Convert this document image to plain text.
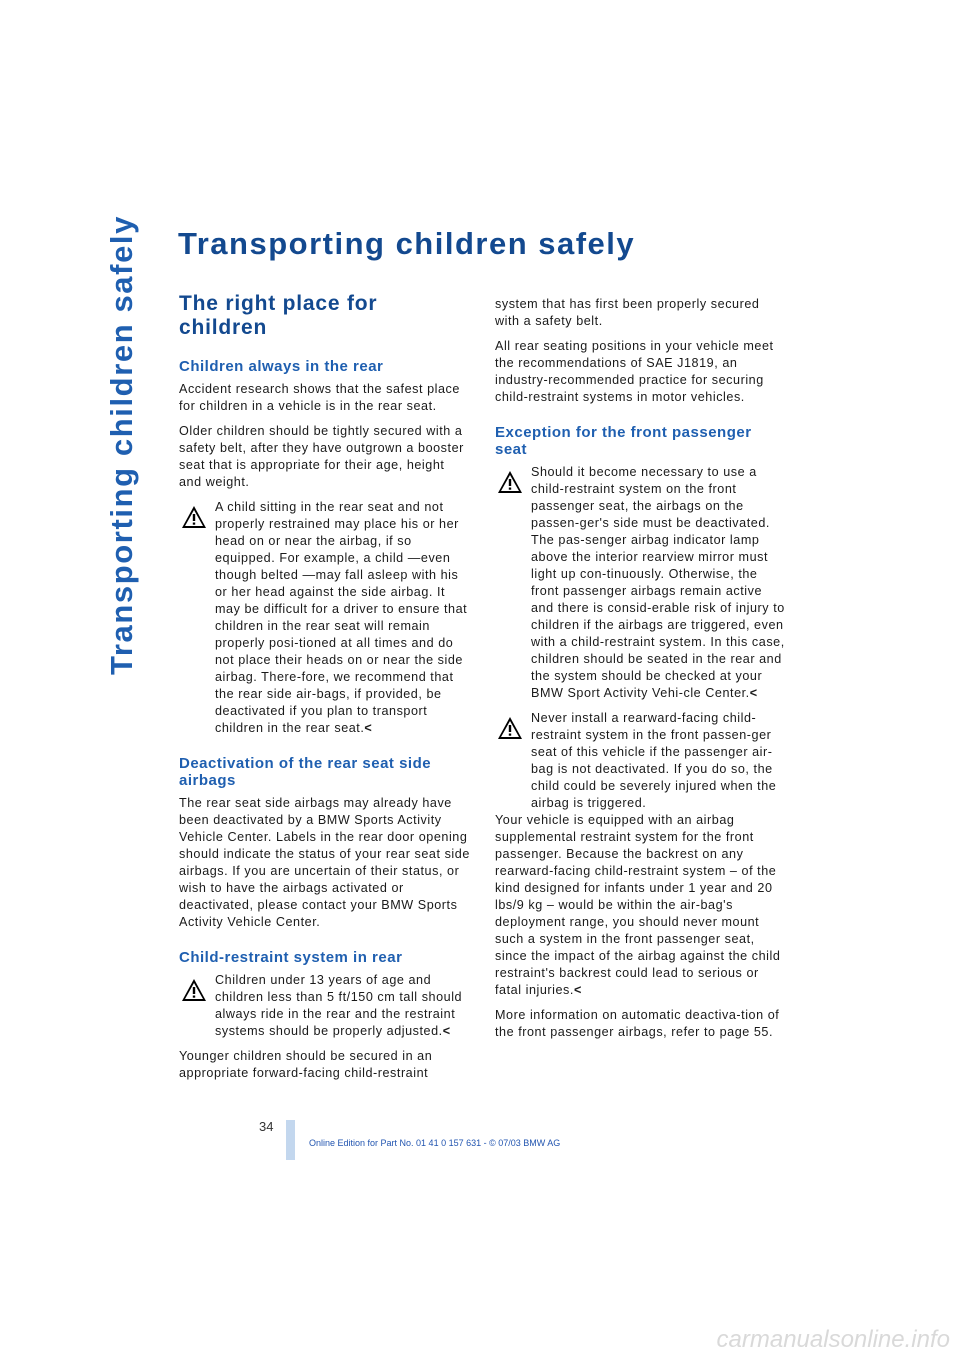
Transporting children safely Transporting children safely
The right place for children
Children always in the rear

Accident research shows that the safest place for children in a vehicle is in the rear seat.

Older children should be tightly secured with a safety belt, after they have outgrown a booster seat that is appropriate for their age, height and weight.

A child sitting in the rear seat and not properly restrained may place his or her head on or near the airbag, if so equipped. For example, a child —even though belted —may fall asleep with his or her head against the side airbag. It may be difficult for a driver to ensure that children in the rear seat will remain properly posi-tioned at all times and do not place their heads on or near the side airbag. There-fore, we recommend that the rear side air-bags, if provided, be deactivated if you plan to transport children in the rear seat.<

Deactivation of the rear seat side airbags

The rear seat side airbags may already have been deactivated by a BMW Sports Activity Vehicle Center. Labels in the rear door opening should indicate the status of your rear seat side airbags. If you are uncertain of their status, or wish to have the airbags activated or deactivated, please contact your BMW Sports Activity Vehicle Center.

Child-restraint system in rear

Children under 13 years of age and children less than 5 ft/150 cm tall should always ride in the rear and the restraint systems should be properly adjusted.<

Younger children should be secured in an appropriate forward-facing child-restraint

system that has first been properly secured with a safety belt.

All rear seating positions in your vehicle meet the recommendations of SAE J1819, an industry-recommended practice for securing child-restraint systems in motor vehicles.

Exception for the front passenger seat

Should it become necessary to use a child-restraint system on the front passenger seat, the airbags on the passen-ger's side must be deactivated. The pas-senger airbag indicator lamp above the interior rearview mirror must light up con-tinuously. Otherwise, the front passenger airbags remain active and there is consid-erable risk of injury to children if the airbags are triggered, even with a child-restraint system. In this case, children should be seated in the rear and the system should be checked at your BMW Sport Activity Vehi-cle Center.<

Never install a rearward-facing child-restraint system in the front passen-ger seat of this vehicle if the passenger air-bag is not deactivated. If you do so, the child could be severely injured when the airbag is triggered.

Your vehicle is equipped with an airbag supplemental restraint system for the front passenger. Because the backrest on any rearward-facing child-restraint system – of the kind designed for infants under 1 year and 20 lbs/9 kg – would be within the air-bag's deployment range, you should never mount such a system in the front passenger seat, since the impact of the airbag against the child restraint's backrest could lead to serious or fatal injuries.<

More information on automatic deactiva-tion of the front passenger airbags, refer to page 55.

34
Online Edition for Part No. 01 41 0 157 631 - © 07/03 BMW AG
carmanualsonline.info
